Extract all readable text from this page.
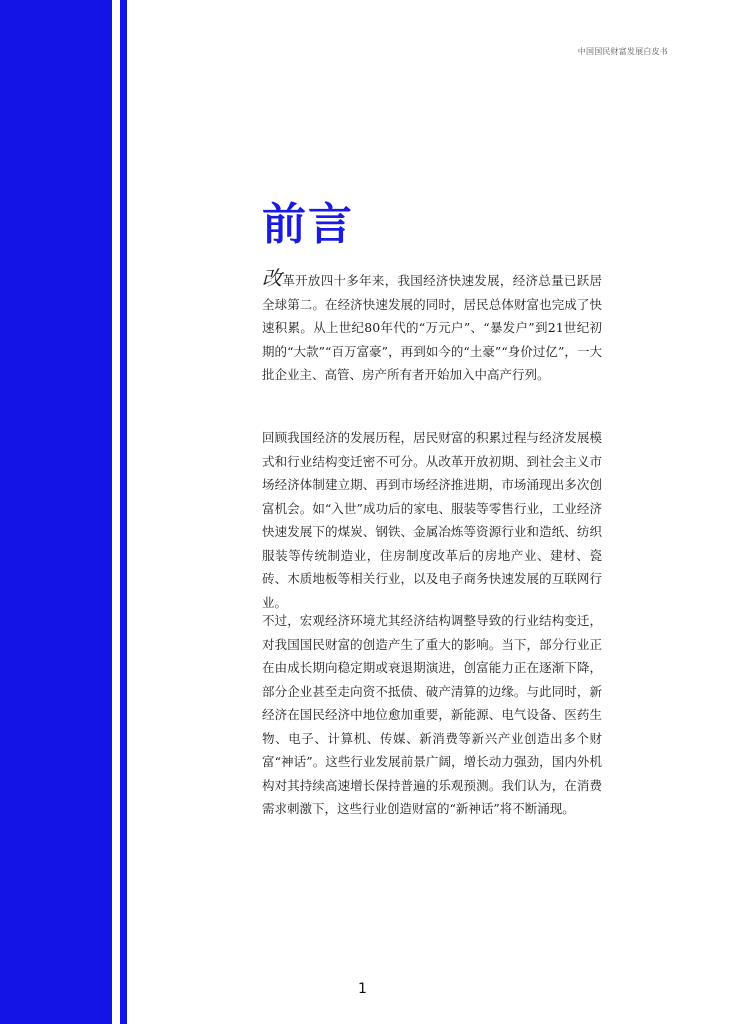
中国国民财富发展白皮书
前言

改革开放四十多年来，我国经济快速发展，经济总量已跃居全球第二。在经济快速发展的同时，居民总体财富也完成了快速积累。从上世纪80年代的“万元户”、“暴发户”到21世纪初期的“大款”“百万富豪”，再到如今的“土豪”“身价过亿”，一大批企业主、高管、房产所有者开始加入中高产行列。

回顾我国经济的发展历程，居民财富的积累过程与经济发展模式和行业结构变迁密不可分。从改革开放初期、到社会主义市场经济体制建立期、再到市场经济推进期，市场涌现出多次创富机会。如“入世”成功后的家电、服装等零售行业，工业经济快速发展下的煤炭、钢铁、金属冶炼等资源行业和造纸、纺织服装等传统制造业，住房制度改革后的房地产业、建材、瓷砖、木质地板等相关行业，以及电子商务快速发展的互联网行业。

不过，宏观经济环境尤其经济结构调整导致的行业结构变迁，对我国国民财富的创造产生了重大的影响。当下，部分行业正在由成长期向稳定期或衰退期演进，创富能力正在逐渐下降，部分企业甚至走向资不抵债、破产清算的边缘。与此同时，新经济在国民经济中地位愈加重要，新能源、电气设备、医药生物、电子、计算机、传媒、新消费等新兴产业创造出多个财富“神话”。这些行业发展前景广阔，增长动力强劲，国内外机构对其持续高速增长保持普遍的乐观预测。我们认为，在消费需求刺激下，这些行业创造财富的“新神话”将不断涌现。

1
